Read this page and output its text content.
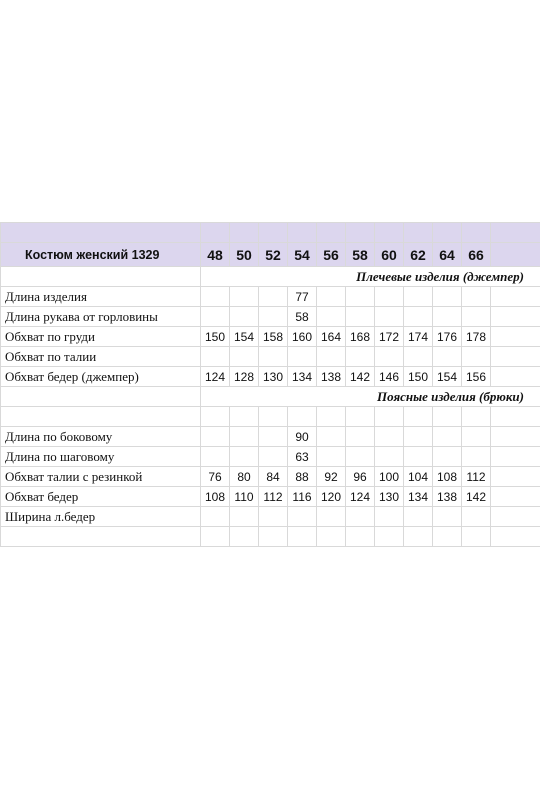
Костюм женский 1329	48	50	52	54	56	58	60	62	64	66	
	Плечевые изделия (джемпер)										
Длина изделия				77							
Длина рукава от горловины				58							
Обхват по груди	150	154	158	160	164	168	172	174	176	178	
Обхват по талии											
Обхват бедер (джемпер)	124	128	130	134	138	142	146	150	154	156	
	Поясные изделия (брюки)										

Длина по боковому				90							
Длина по шаговому				63							
Обхват талии с резинкой	76	80	84	88	92	96	100	104	108	112	
Обхват бедер	108	110	112	116	120	124	130	134	138	142	
Ширина л.бедер											
